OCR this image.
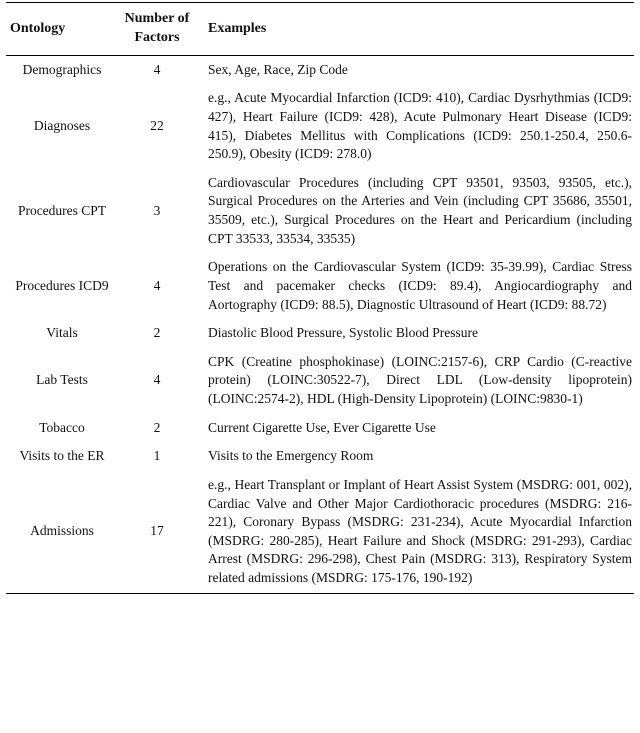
Ontology	Number of Factors	Examples
Demographics	4	Sex, Age, Race, Zip Code
Diagnoses	22	e.g., Acute Myocardial Infarction (ICD9: 410), Cardiac Dysrhythmias (ICD9: 427), Heart Failure (ICD9: 428), Acute Pulmonary Heart Disease (ICD9: 415), Diabetes Mellitus with Complications (ICD9: 250.1-250.4, 250.6-250.9), Obesity (ICD9: 278.0)
Procedures CPT	3	Cardiovascular Procedures (including CPT 93501, 93503, 93505, etc.), Surgical Procedures on the Arteries and Vein (including CPT 35686, 35501, 35509, etc.), Surgical Procedures on the Heart and Pericardium (including CPT 33533, 33534, 33535)
Procedures ICD9	4	Operations on the Cardiovascular System (ICD9: 35-39.99), Cardiac Stress Test and pacemaker checks (ICD9: 89.4), Angiocardiography and Aortography (ICD9: 88.5), Diagnostic Ultrasound of Heart (ICD9: 88.72)
Vitals	2	Diastolic Blood Pressure, Systolic Blood Pressure
Lab Tests	4	CPK (Creatine phosphokinase) (LOINC:2157-6), CRP Cardio (C-reactive protein) (LOINC:30522-7), Direct LDL (Low-density lipoprotein) (LOINC:2574-2), HDL (High-Density Lipoprotein) (LOINC:9830-1)
Tobacco	2	Current Cigarette Use, Ever Cigarette Use
Visits to the ER	1	Visits to the Emergency Room
Admissions	17	e.g., Heart Transplant or Implant of Heart Assist System (MSDRG: 001, 002), Cardiac Valve and Other Major Cardiothoracic procedures (MSDRG: 216-221), Coronary Bypass (MSDRG: 231-234), Acute Myocardial Infarction (MSDRG: 280-285), Heart Failure and Shock (MSDRG: 291-293), Cardiac Arrest (MSDRG: 296-298), Chest Pain (MSDRG: 313), Respiratory System related admissions (MSDRG: 175-176, 190-192)
